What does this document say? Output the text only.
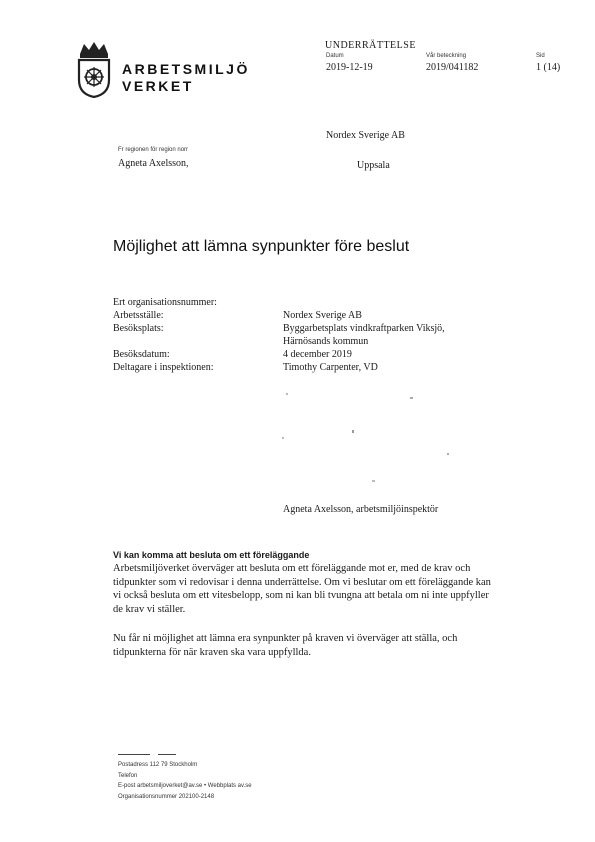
ARBETSMILJÖ
VERKET
UNDERRÄTTELSE
Datum
2019-12-19
Vår beteckning
2019/041182
Sid
1 (14)
Nordex Sverige AB
Uppsala
Fr regionen för region norr
Agneta Axelsson,
Möjlighet att lämna synpunkter före beslut
Ert organisationsnummer:
Arbetsställe:	Nordex Sverige AB
Besöksplats:	Byggarbetsplats vindkraftparken Viksjö,
Härnösands kommun
Besöksdatum:	4 december 2019
Deltagare i inspektionen:	Timothy Carpenter, VD
Agneta Axelsson, arbetsmiljöinspektör
Vi kan komma att besluta om ett föreläggande
Arbetsmiljöverket överväger att besluta om ett föreläggande mot er, med de krav och tidpunkter som vi redovisar i denna underrättelse. Om vi beslutar om ett föreläggande kan vi också besluta om ett vitesbelopp, som ni kan bli tvungna att betala om ni inte uppfyller de krav vi ställer.
Nu får ni möjlighet att lämna era synpunkter på kraven vi överväger att ställa, och tidpunkterna för när kraven ska vara uppfyllda.
Postadress 112 79 Stockholm
Telefon
E-post arbetsmiljoverket@av.se • Webbplats av.se
Organisationsnummer 202100-2148
